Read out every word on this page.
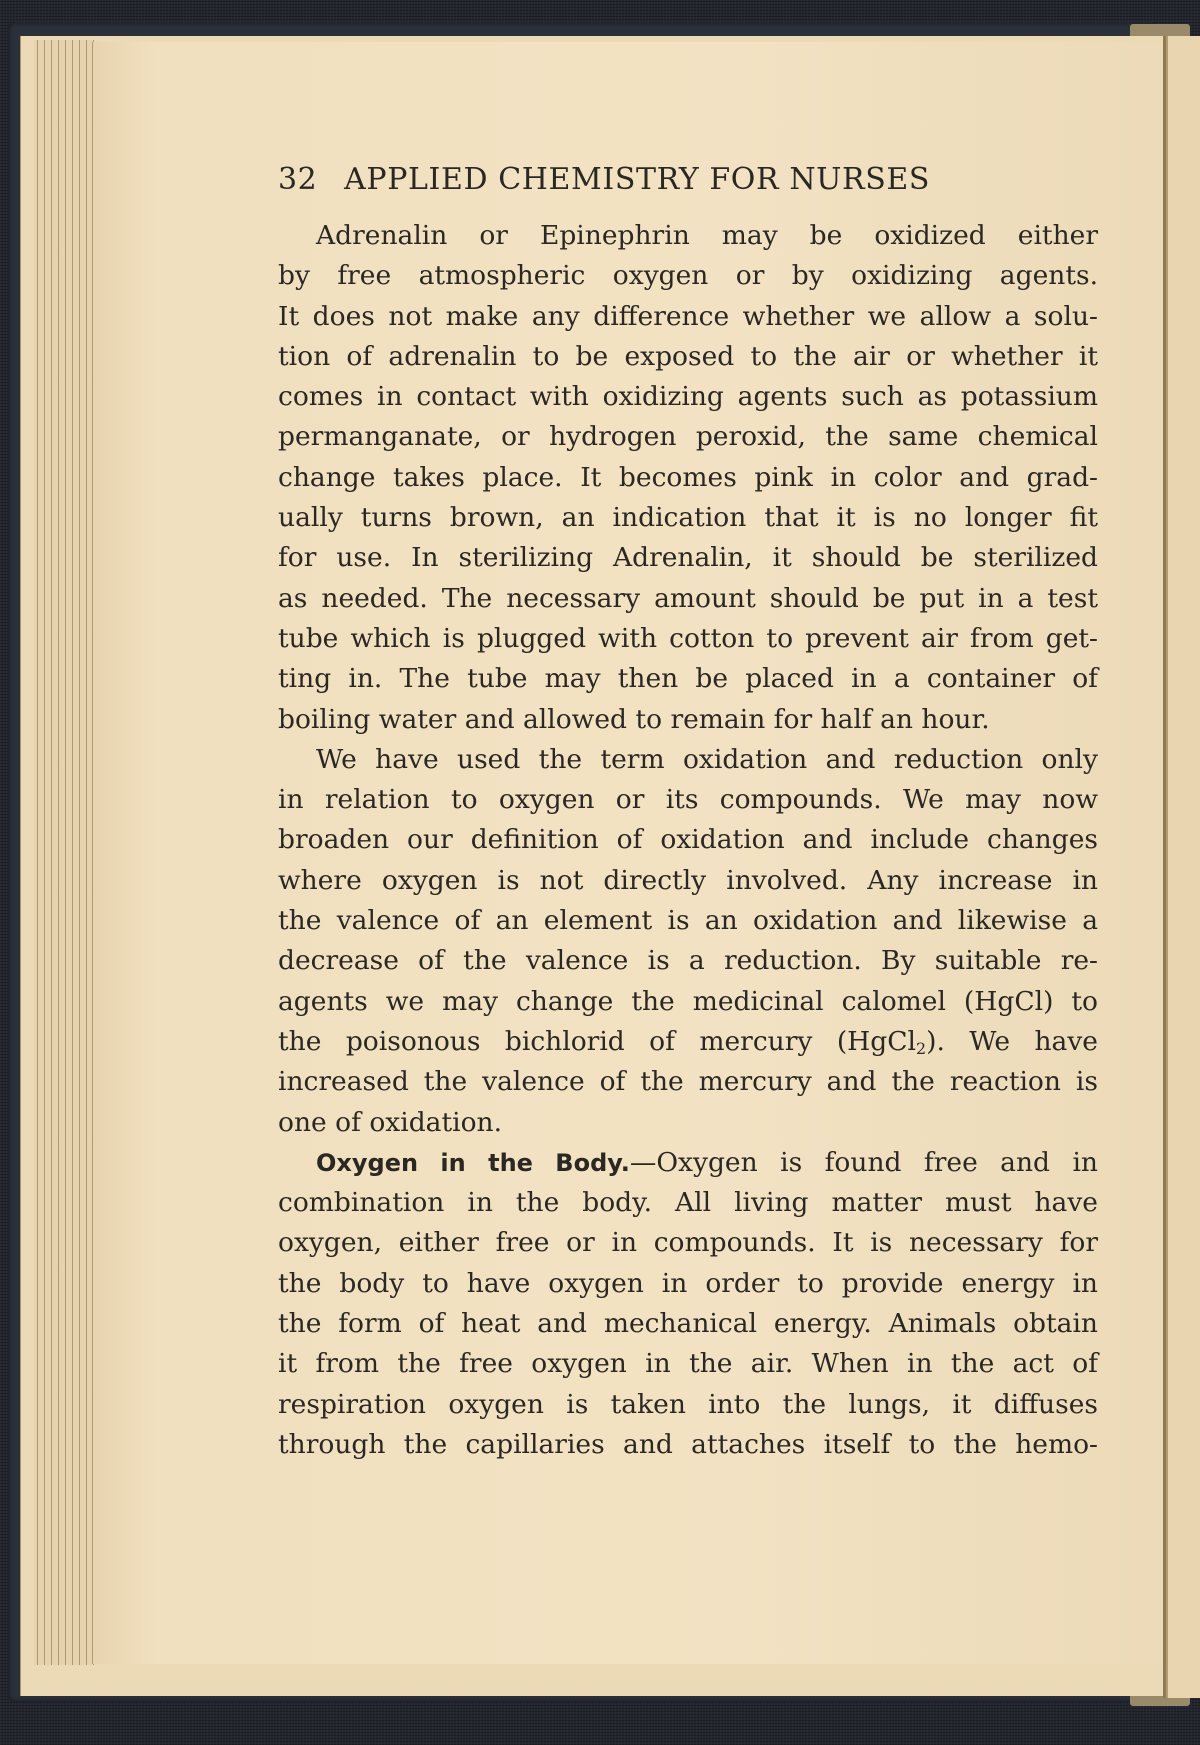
32 APPLIED CHEMISTRY FOR NURSES
Adrenalin or Epinephrin may be oxidized either
by free atmospheric oxygen or by oxidizing agents.
It does not make any difference whether we allow a solu-
tion of adrenalin to be exposed to the air or whether it
comes in contact with oxidizing agents such as potassium
permanganate, or hydrogen peroxid, the same chemical
change takes place. It becomes pink in color and grad-
ually turns brown, an indication that it is no longer fit
for use. In sterilizing Adrenalin, it should be sterilized
as needed. The necessary amount should be put in a test
tube which is plugged with cotton to prevent air from get-
ting in. The tube may then be placed in a container of
boiling water and allowed to remain for half an hour.
We have used the term oxidation and reduction only
in relation to oxygen or its compounds. We may now
broaden our definition of oxidation and include changes
where oxygen is not directly involved. Any increase in
the valence of an element is an oxidation and likewise a
decrease of the valence is a reduction. By suitable re-
agents we may change the medicinal calomel (HgCl) to
the poisonous bichlorid of mercury (HgCl$_2$). We have
increased the valence of the mercury and the reaction is
one of oxidation.
Oxygen in the Body.—Oxygen is found free and in
combination in the body. All living matter must have
oxygen, either free or in compounds. It is necessary for
the body to have oxygen in order to provide energy in
the form of heat and mechanical energy. Animals obtain
it from the free oxygen in the air. When in the act of
respiration oxygen is taken into the lungs, it diffuses
through the capillaries and attaches itself to the hemo-
